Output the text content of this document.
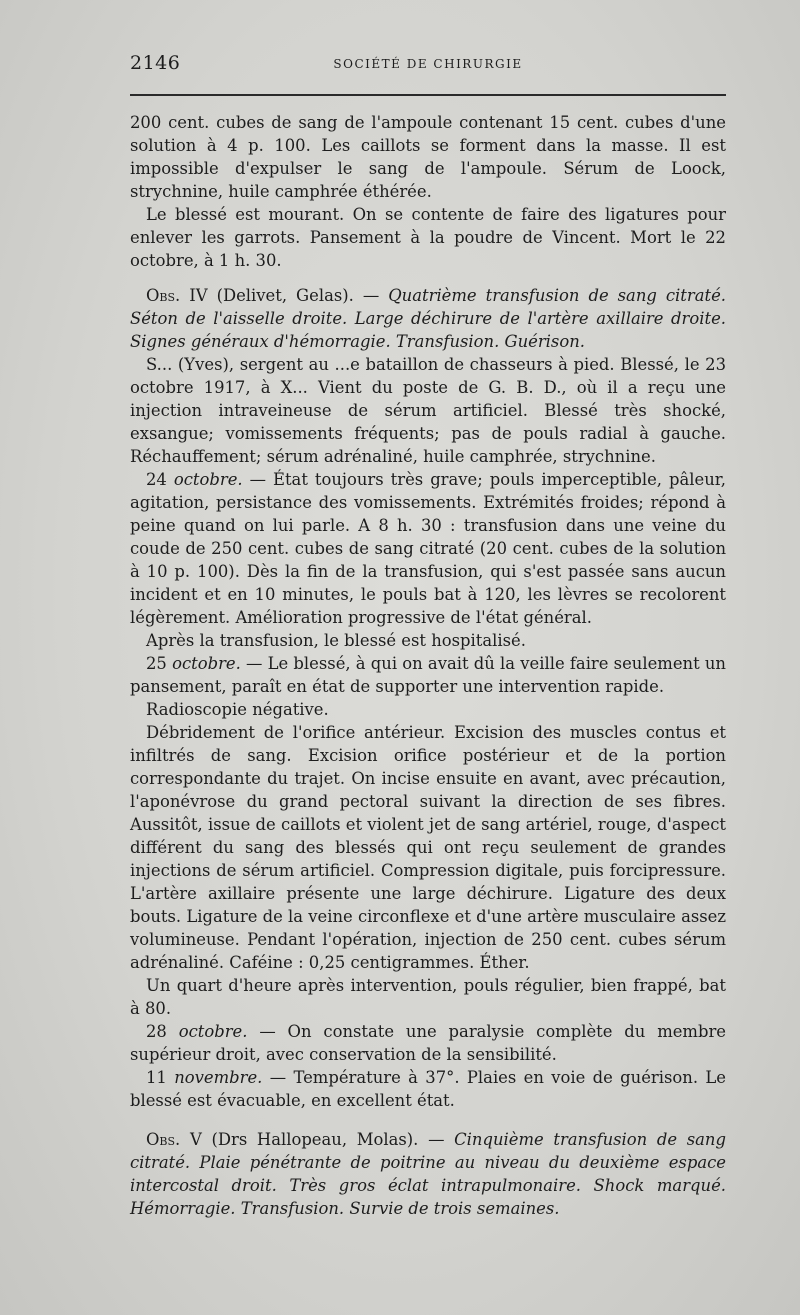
2146	SOCIÉTÉ DE CHIRURGIE

200 cent. cubes de sang de l'ampoule contenant 15 cent. cubes d'une solution à 4 p. 100. Les caillots se forment dans la masse. Il est impossible d'expulser le sang de l'ampoule. Sérum de Loock, strychnine, huile camphrée éthérée.

Le blessé est mourant. On se contente de faire des ligatures pour enlever les garrots. Pansement à la poudre de Vincent. Mort le 22 octobre, à 1 h. 30.

Obs. IV (Delivet, Gelas). — Quatrième transfusion de sang citraté. Séton de l'aisselle droite. Large déchirure de l'artère axillaire droite. Signes généraux d'hémorragie. Transfusion. Guérison.

S... (Yves), sergent au ...e bataillon de chasseurs à pied. Blessé, le 23 octobre 1917, à X... Vient du poste de G. B. D., où il a reçu une injection intraveineuse de sérum artificiel. Blessé très shocké, exsangue; vomissements fréquents; pas de pouls radial à gauche. Réchauffement; sérum adrénaliné, huile camphrée, strychnine.

24 octobre. — État toujours très grave; pouls imperceptible, pâleur, agitation, persistance des vomissements. Extrémités froides; répond à peine quand on lui parle. A 8 h. 30 : transfusion dans une veine du coude de 250 cent. cubes de sang citraté (20 cent. cubes de la solution à 10 p. 100). Dès la fin de la transfusion, qui s'est passée sans aucun incident et en 10 minutes, le pouls bat à 120, les lèvres se recolorent légèrement. Amélioration progressive de l'état général.

Après la transfusion, le blessé est hospitalisé.

25 octobre. — Le blessé, à qui on avait dû la veille faire seulement un pansement, paraît en état de supporter une intervention rapide.

Radioscopie négative.

Débridement de l'orifice antérieur. Excision des muscles contus et infiltrés de sang. Excision orifice postérieur et de la portion correspondante du trajet. On incise ensuite en avant, avec précaution, l'aponévrose du grand pectoral suivant la direction de ses fibres. Aussitôt, issue de caillots et violent jet de sang artériel, rouge, d'aspect différent du sang des blessés qui ont reçu seulement de grandes injections de sérum artificiel. Compression digitale, puis forcipressure. L'artère axillaire présente une large déchirure. Ligature des deux bouts. Ligature de la veine circonflexe et d'une artère musculaire assez volumineuse. Pendant l'opération, injection de 250 cent. cubes sérum adrénaliné. Caféine : 0,25 centigrammes. Éther.

Un quart d'heure après intervention, pouls régulier, bien frappé, bat à 80.

28 octobre. — On constate une paralysie complète du membre supérieur droit, avec conservation de la sensibilité.

11 novembre. — Température à 37°. Plaies en voie de guérison. Le blessé est évacuable, en excellent état.

Obs. V (Drs Hallopeau, Molas). — Cinquième transfusion de sang citraté. Plaie pénétrante de poitrine au niveau du deuxième espace intercostal droit. Très gros éclat intrapulmonaire. Shock marqué. Hémorragie. Transfusion. Survie de trois semaines.
